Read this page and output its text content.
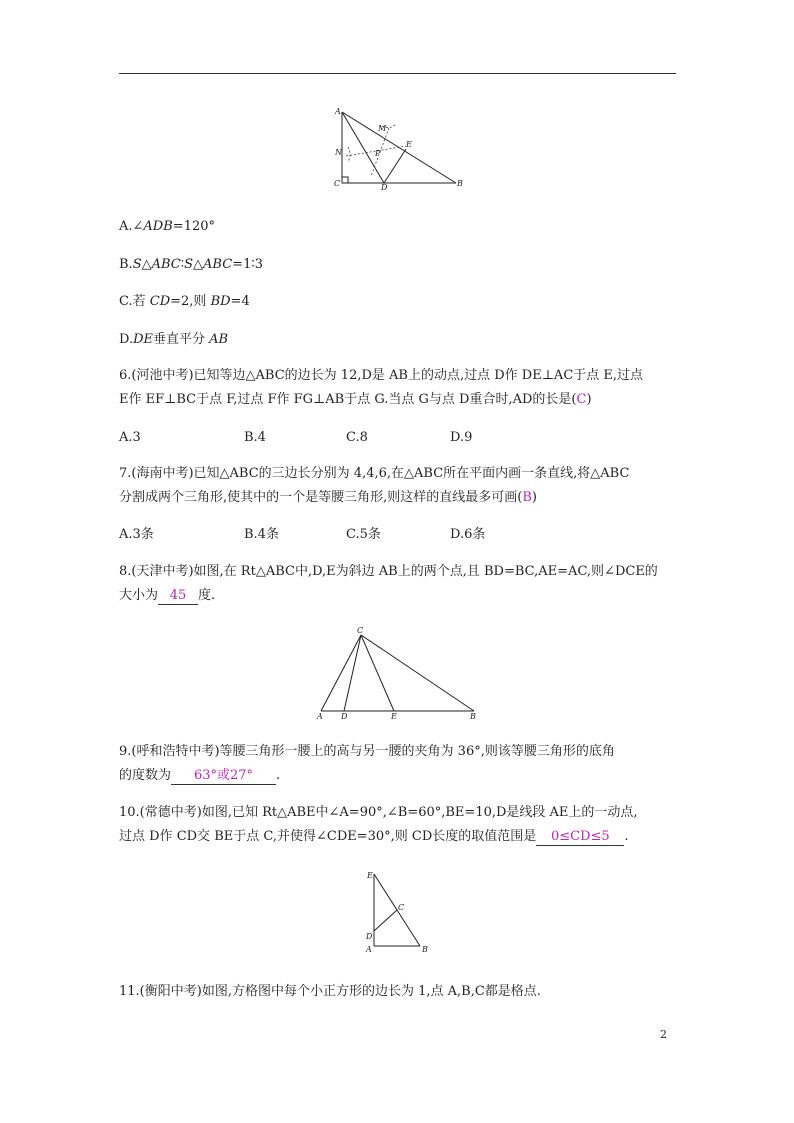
A
M
E
N	P
C	D	B
A.∠ADB=120°
B.S△ABC∶S△ABC=1∶3
C.若 CD=2,则 BD=4
D.DE垂直平分 AB
6.(河池中考)已知等边△ABC的边长为 12,D是 AB上的动点,过点 D作 DE⊥AC于点 E,过点
E作 EF⊥BC于点 F,过点 F作 FG⊥AB于点 G.当点 G与点 D重合时,AD的长是(C)
A.3	B.4	C.8	D.9
7.(海南中考)已知△ABC的三边长分别为 4,4,6,在△ABC所在平面内画一条直线,将△ABC
分割成两个三角形,使其中的一个是等腰三角形,则这样的直线最多可画(B)
A.3条	B.4条	C.5条	D.6条
8.(天津中考)如图,在 Rt△ABC中,D,E为斜边 AB上的两个点,且 BD=BC,AE=AC,则∠DCE的
大小为 45 度.
C
A D	E	B
9.(呼和浩特中考)等腰三角形一腰上的高与另一腰的夹角为 36°,则该等腰三角形的底角
的度数为 63°或27° .
10.(常德中考)如图,已知 Rt△ABE中∠A=90°,∠B=60°,BE=10,D是线段 AE上的一动点,
过点 D作 CD交 BE于点 C,并使得∠CDE=30°,则 CD长度的取值范围是 0≤CD≤5 .
E
C
D
A	B
11.(衡阳中考)如图,方格图中每个小正方形的边长为 1,点 A,B,C都是格点.
2
